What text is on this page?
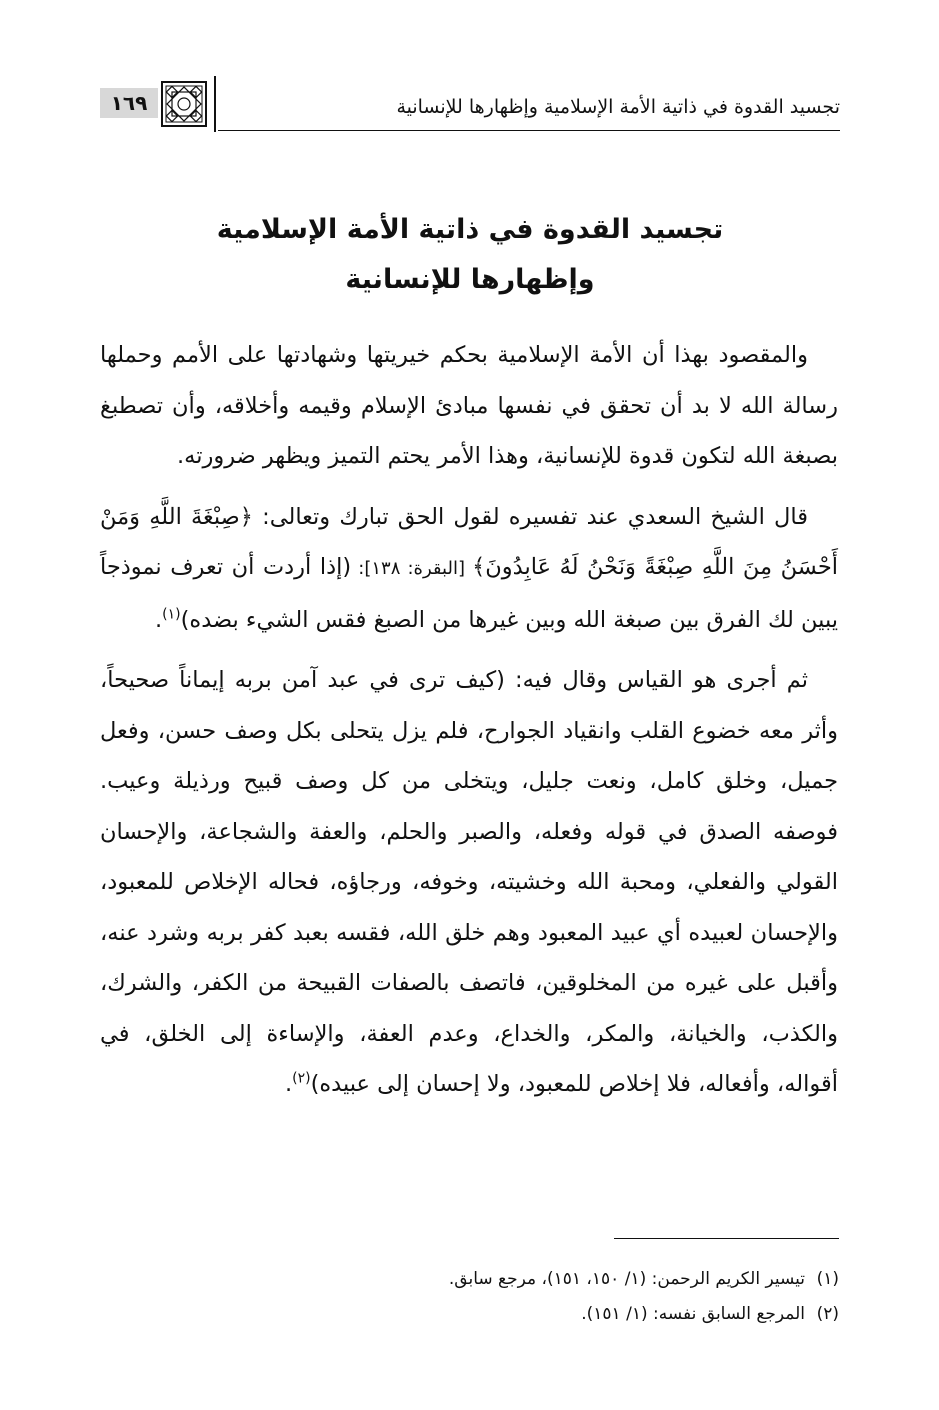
تجسيد القدوة في ذاتية الأمة الإسلامية وإظهارها للإنسانية
١٦٩
تجسيد القدوة في ذاتية الأمة الإسلامية
وإظهارها للإنسانية
والمقصود بهذا أن الأمة الإسلامية بحكم خيريتها وشهادتها على الأمم وحملها رسالة الله لا بد أن تحقق في نفسها مبادئ الإسلام وقيمه وأخلاقه، وأن تصطبغ بصبغة الله لتكون قدوة للإنسانية، وهذا الأمر يحتم التميز ويظهر ضرورته.
قال الشيخ السعدي عند تفسيره لقول الحق تبارك وتعالى: ﴿صِبْغَةَ اللَّهِ وَمَنْ أَحْسَنُ مِنَ اللَّهِ صِبْغَةً وَنَحْنُ لَهُ عَابِدُونَ﴾ [البقرة: ١٣٨]: (إذا أردت أن تعرف نموذجاً يبين لك الفرق بين صبغة الله وبين غيرها من الصبغ فقس الشيء بضده)$^{(١)}$.
ثم أجرى هو القياس وقال فيه: (كيف ترى في عبد آمن بربه إيماناً صحيحاً، وأثر معه خضوع القلب وانقياد الجوارح، فلم يزل يتحلى بكل وصف حسن، وفعل جميل، وخلق كامل، ونعت جليل، ويتخلى من كل وصف قبيح ورذيلة وعيب. فوصفه الصدق في قوله وفعله، والصبر والحلم، والعفة والشجاعة، والإحسان القولي والفعلي، ومحبة الله وخشيته، وخوفه، ورجاؤه، فحاله الإخلاص للمعبود، والإحسان لعبيده أي عبيد المعبود وهم خلق الله، فقسه بعبد كفر بربه وشرد عنه، وأقبل على غيره من المخلوقين، فاتصف بالصفات القبيحة من الكفر، والشرك، والكذب، والخيانة، والمكر، والخداع، وعدم العفة، والإساءة إلى الخلق، في أقواله، وأفعاله، فلا إخلاص للمعبود، ولا إحسان إلى عبيده)$^{(٢)}$.
(١)تيسير الكريم الرحمن: (١/ ١٥٠، ١٥١)، مرجع سابق.
(٢)المرجع السابق نفسه: (١/ ١٥١).
